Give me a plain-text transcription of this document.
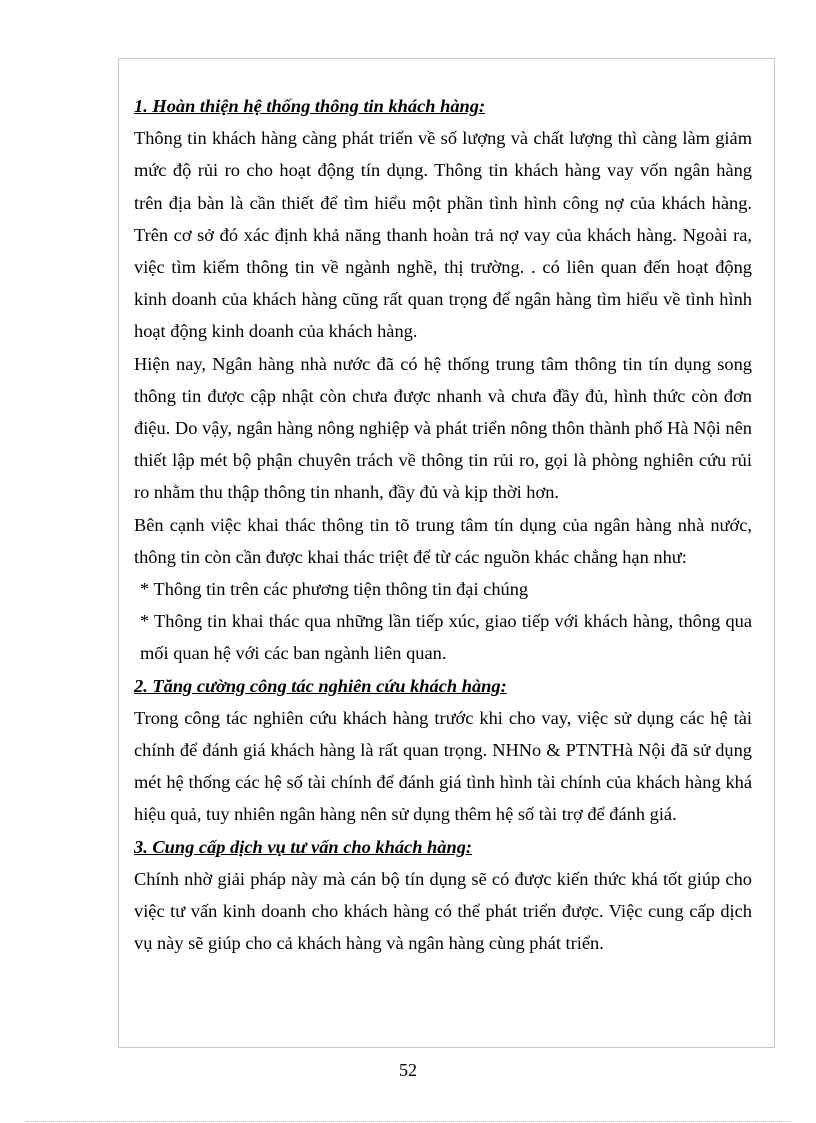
1. Hoàn thiện hệ thống thông tin khách hàng:

Thông tin khách hàng càng phát triển về số lượng và chất lượng thì càng làm giảm mức độ rủi ro cho hoạt động tín dụng. Thông tin khách hàng vay vốn ngân hàng trên địa bàn là cần thiết để tìm hiểu một phần tình hình công nợ của khách hàng. Trên cơ sở đó xác định khả năng thanh hoàn trả nợ vay của khách hàng. Ngoài ra, việc tìm kiếm thông tin về ngành nghề, thị trường. . có liên quan đến hoạt động kinh doanh của khách hàng cũng rất quan trọng để ngân hàng tìm hiểu về tình hình hoạt động kinh doanh của khách hàng.

Hiện nay, Ngân hàng nhà nước đã có hệ thống trung tâm thông tin tín dụng song thông tin được cập nhật còn chưa được nhanh và chưa đầy đủ, hình thức còn đơn điệu. Do vậy, ngân hàng nông nghiệp và phát triển nông thôn thành phố Hà Nội nên thiết lập mét bộ phận chuyên trách về thông tin rủi ro, gọi là phòng nghiên cứu rủi ro nhằm thu thập thông tin nhanh, đầy đủ và kịp thời hơn.

Bên cạnh việc khai thác thông tin tõ trung tâm tín dụng của ngân hàng nhà nước, thông tin còn cần được khai thác triệt để từ các nguồn khác chẳng hạn như:

* Thông tin trên các phương tiện thông tin đại chúng

* Thông tin khai thác qua những lần tiếp xúc, giao tiếp với khách hàng, thông qua mối quan hệ với các ban ngành liên quan.

2. Tăng cường công tác nghiên cứu khách hàng:

Trong công tác nghiên cứu khách hàng trước khi cho vay, việc sử dụng các hệ tài chính để đánh giá khách hàng là rất quan trọng. NHNo & PTNTHà Nội đã sử dụng mét hệ thống các hệ số tài chính để đánh giá tình hình tài chính của khách hàng khá hiệu quả, tuy nhiên ngân hàng nên sử dụng thêm hệ số tài trợ để đánh giá.

3. Cung cấp dịch vụ tư vấn cho khách hàng:

Chính nhờ giải pháp này mà cán bộ tín dụng sẽ có được kiến thức khá tốt giúp cho việc tư vấn kinh doanh cho khách hàng có thể phát triển được. Việc cung cấp dịch vụ này sẽ giúp cho cả khách hàng và ngân hàng cùng phát triển.

52
